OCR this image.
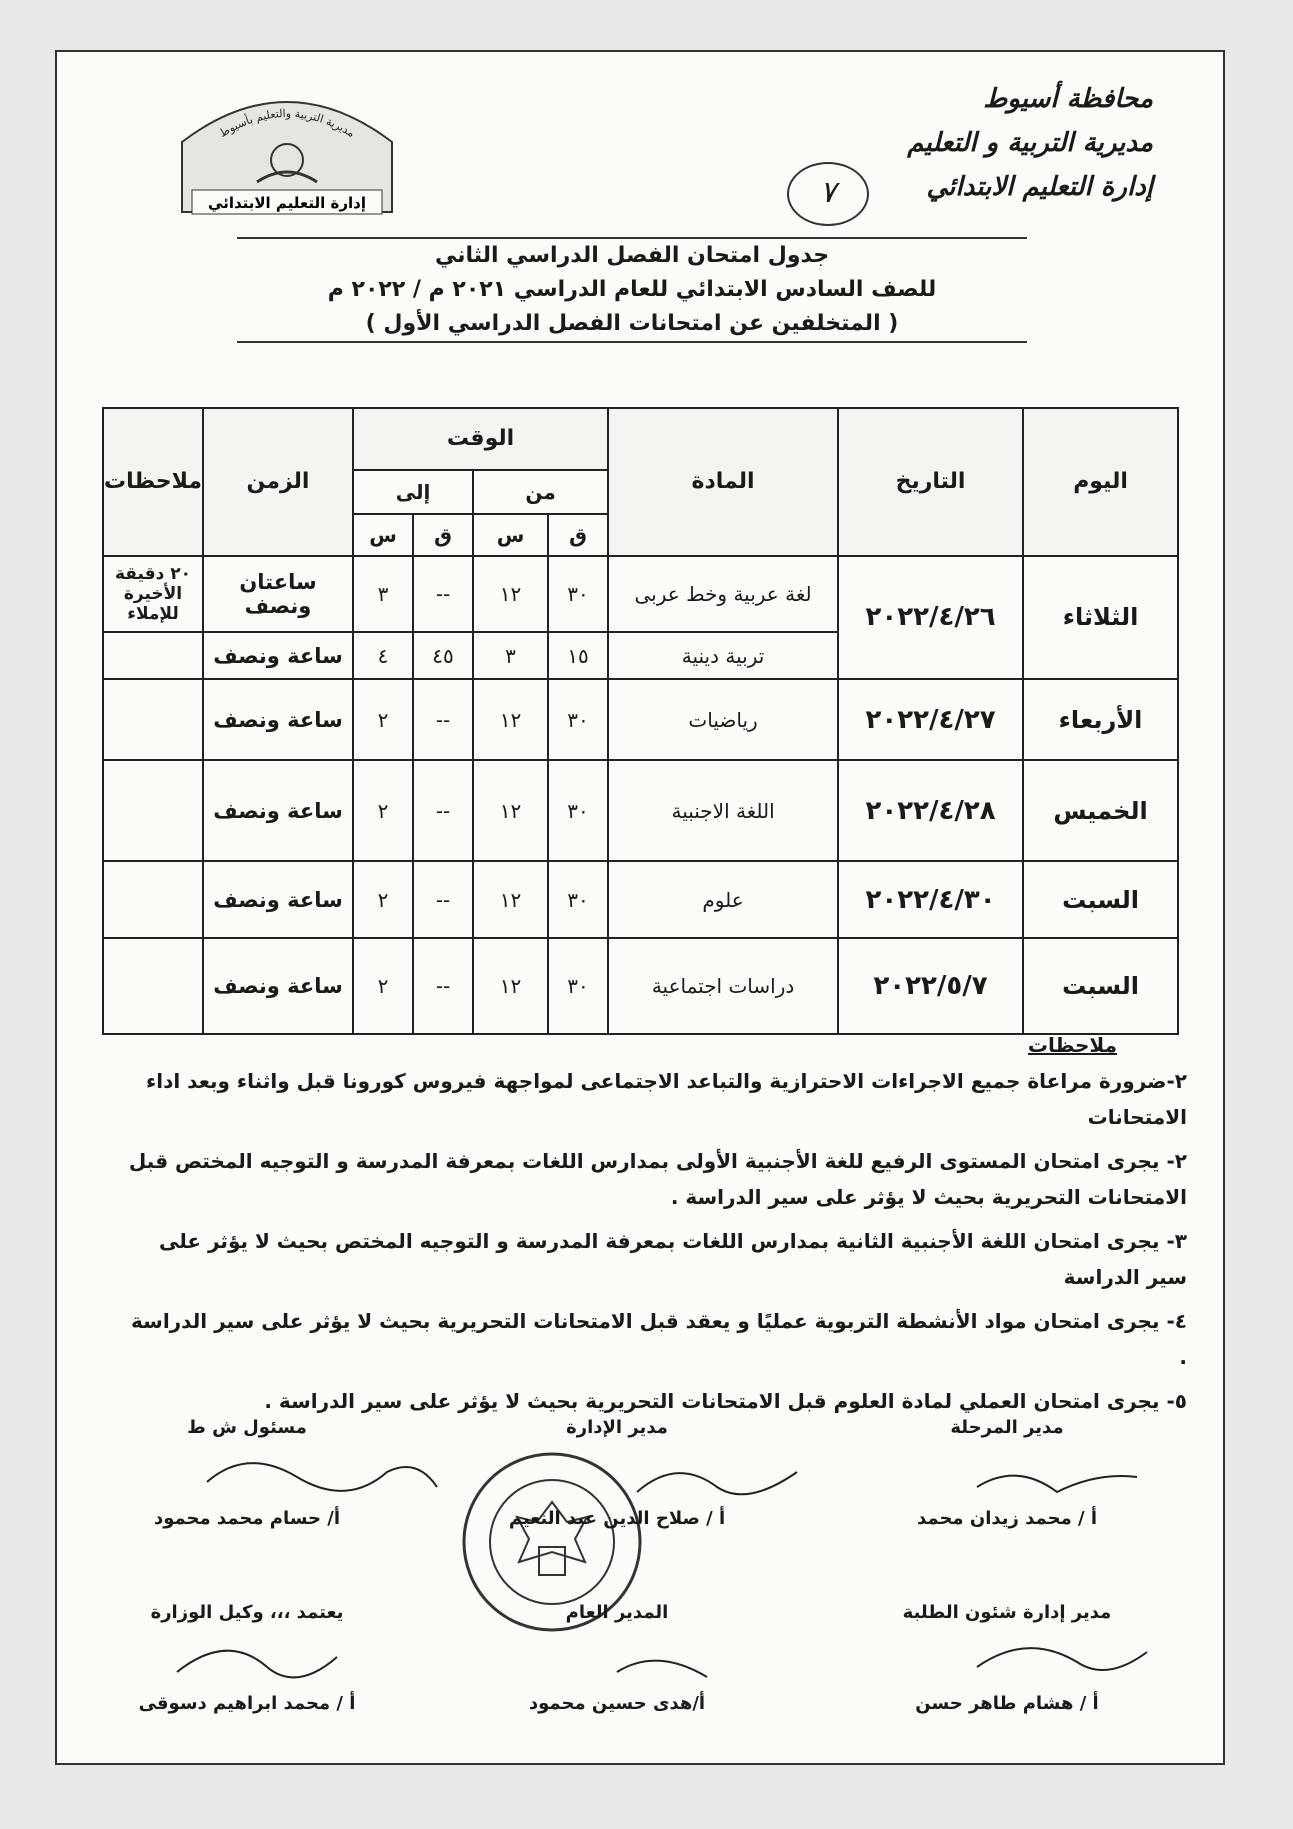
محافظة أسيوط
مديرية التربية و التعليم
إدارة التعليم الابتدائي
مديرية التربية والتعليم بأسيوط
إدارة التعليم الابتدائي	٧
جدول امتحان الفصل الدراسي الثاني
للصف السادس الابتدائي للعام الدراسي ٢٠٢١ م / ٢٠٢٢ م
( المتخلفين عن امتحانات الفصل الدراسي الأول )
اليوم	التاريخ	المادة	الوقت				الزمن	ملاحظات
			من		إلى			
			ق	س	ق	س		
الثلاثاء	٢٠٢٢/٤/٢٦	لغة عربية وخط عربى	٣٠	١٢	--	٣	ساعتان ونصف	٢٠ دقيقة الأخيرة للإملاء
		تربية دينية	١٥	٣	٤٥	٤	ساعة ونصف	
الأربعاء	٢٠٢٢/٤/٢٧	رياضيات	٣٠	١٢	--	٢	ساعة ونصف	
الخميس	٢٠٢٢/٤/٢٨	اللغة الاجنبية	٣٠	١٢	--	٢	ساعة ونصف	
السبت	٢٠٢٢/٤/٣٠	علوم	٣٠	١٢	--	٢	ساعة ونصف	
السبت	٢٠٢٢/٥/٧	دراسات اجتماعية	٣٠	١٢	--	٢	ساعة ونصف	
ملاحظات

٢-ضرورة مراعاة جميع الاجراءات الاحترازية والتباعد الاجتماعى لمواجهة فيروس كورونا قبل واثناء وبعد اداء الامتحانات

٢- يجرى امتحان المستوى الرفيع للغة الأجنبية الأولى بمدارس اللغات بمعرفة المدرسة و التوجيه المختص قبل الامتحانات التحريرية بحيث لا يؤثر على سير الدراسة .

٣- يجرى امتحان اللغة الأجنبية الثانية بمدارس اللغات بمعرفة المدرسة و التوجيه المختص بحيث لا يؤثر على سير الدراسة

٤- يجرى امتحان مواد الأنشطة التربوية عمليًا و يعقد قبل الامتحانات التحريرية بحيث لا يؤثر على سير الدراسة .

٥- يجرى امتحان العملي لمادة العلوم قبل الامتحانات التحريرية بحيث لا يؤثر على سير الدراسة .

مدير المرحلة
أ / محمد زيدان محمد
مدير الإدارة
أ / صلاح الدين عبد النعيم
مسئول ش ط
أ/ حسام محمد محمود
مدير إدارة شئون الطلبة
أ / هشام طاهر حسن
المدير العام
أ/هدى حسين محمود
يعتمد ،،، وكيل الوزارة
أ / محمد ابراهيم دسوقى
